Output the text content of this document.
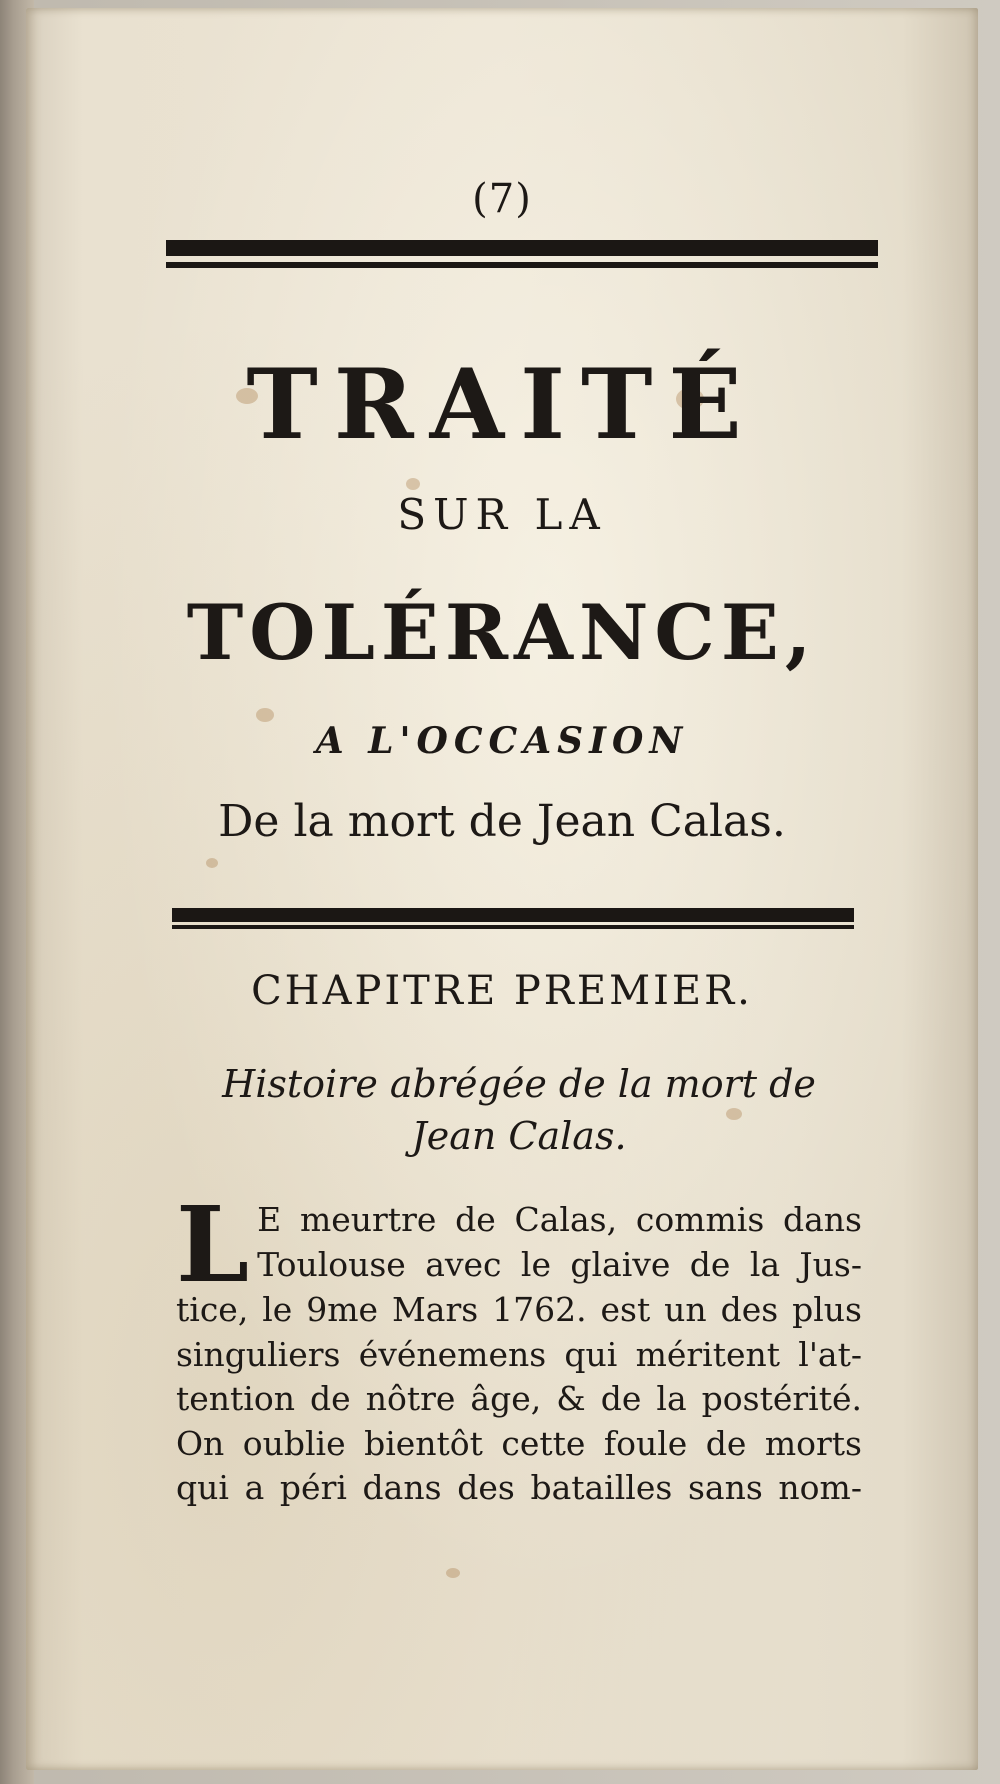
(7)
TRAITÉ
SUR LA
TOLÉRANCE,
A L'OCCASION
De la mort de Jean Calas.
CHAPITRE PREMIER.
Histoire abrégée de la mort de
Jean Calas.
L E meurtre de Calas, commis dans
Toulouse avec le glaive de la Jus-
tice, le 9me Mars 1762. est un des plus
singuliers événemens qui méritent l'at-
tention de nôtre âge, & de la postérité.
On oublie bientôt cette foule de morts
qui a péri dans des batailles sans nom-
